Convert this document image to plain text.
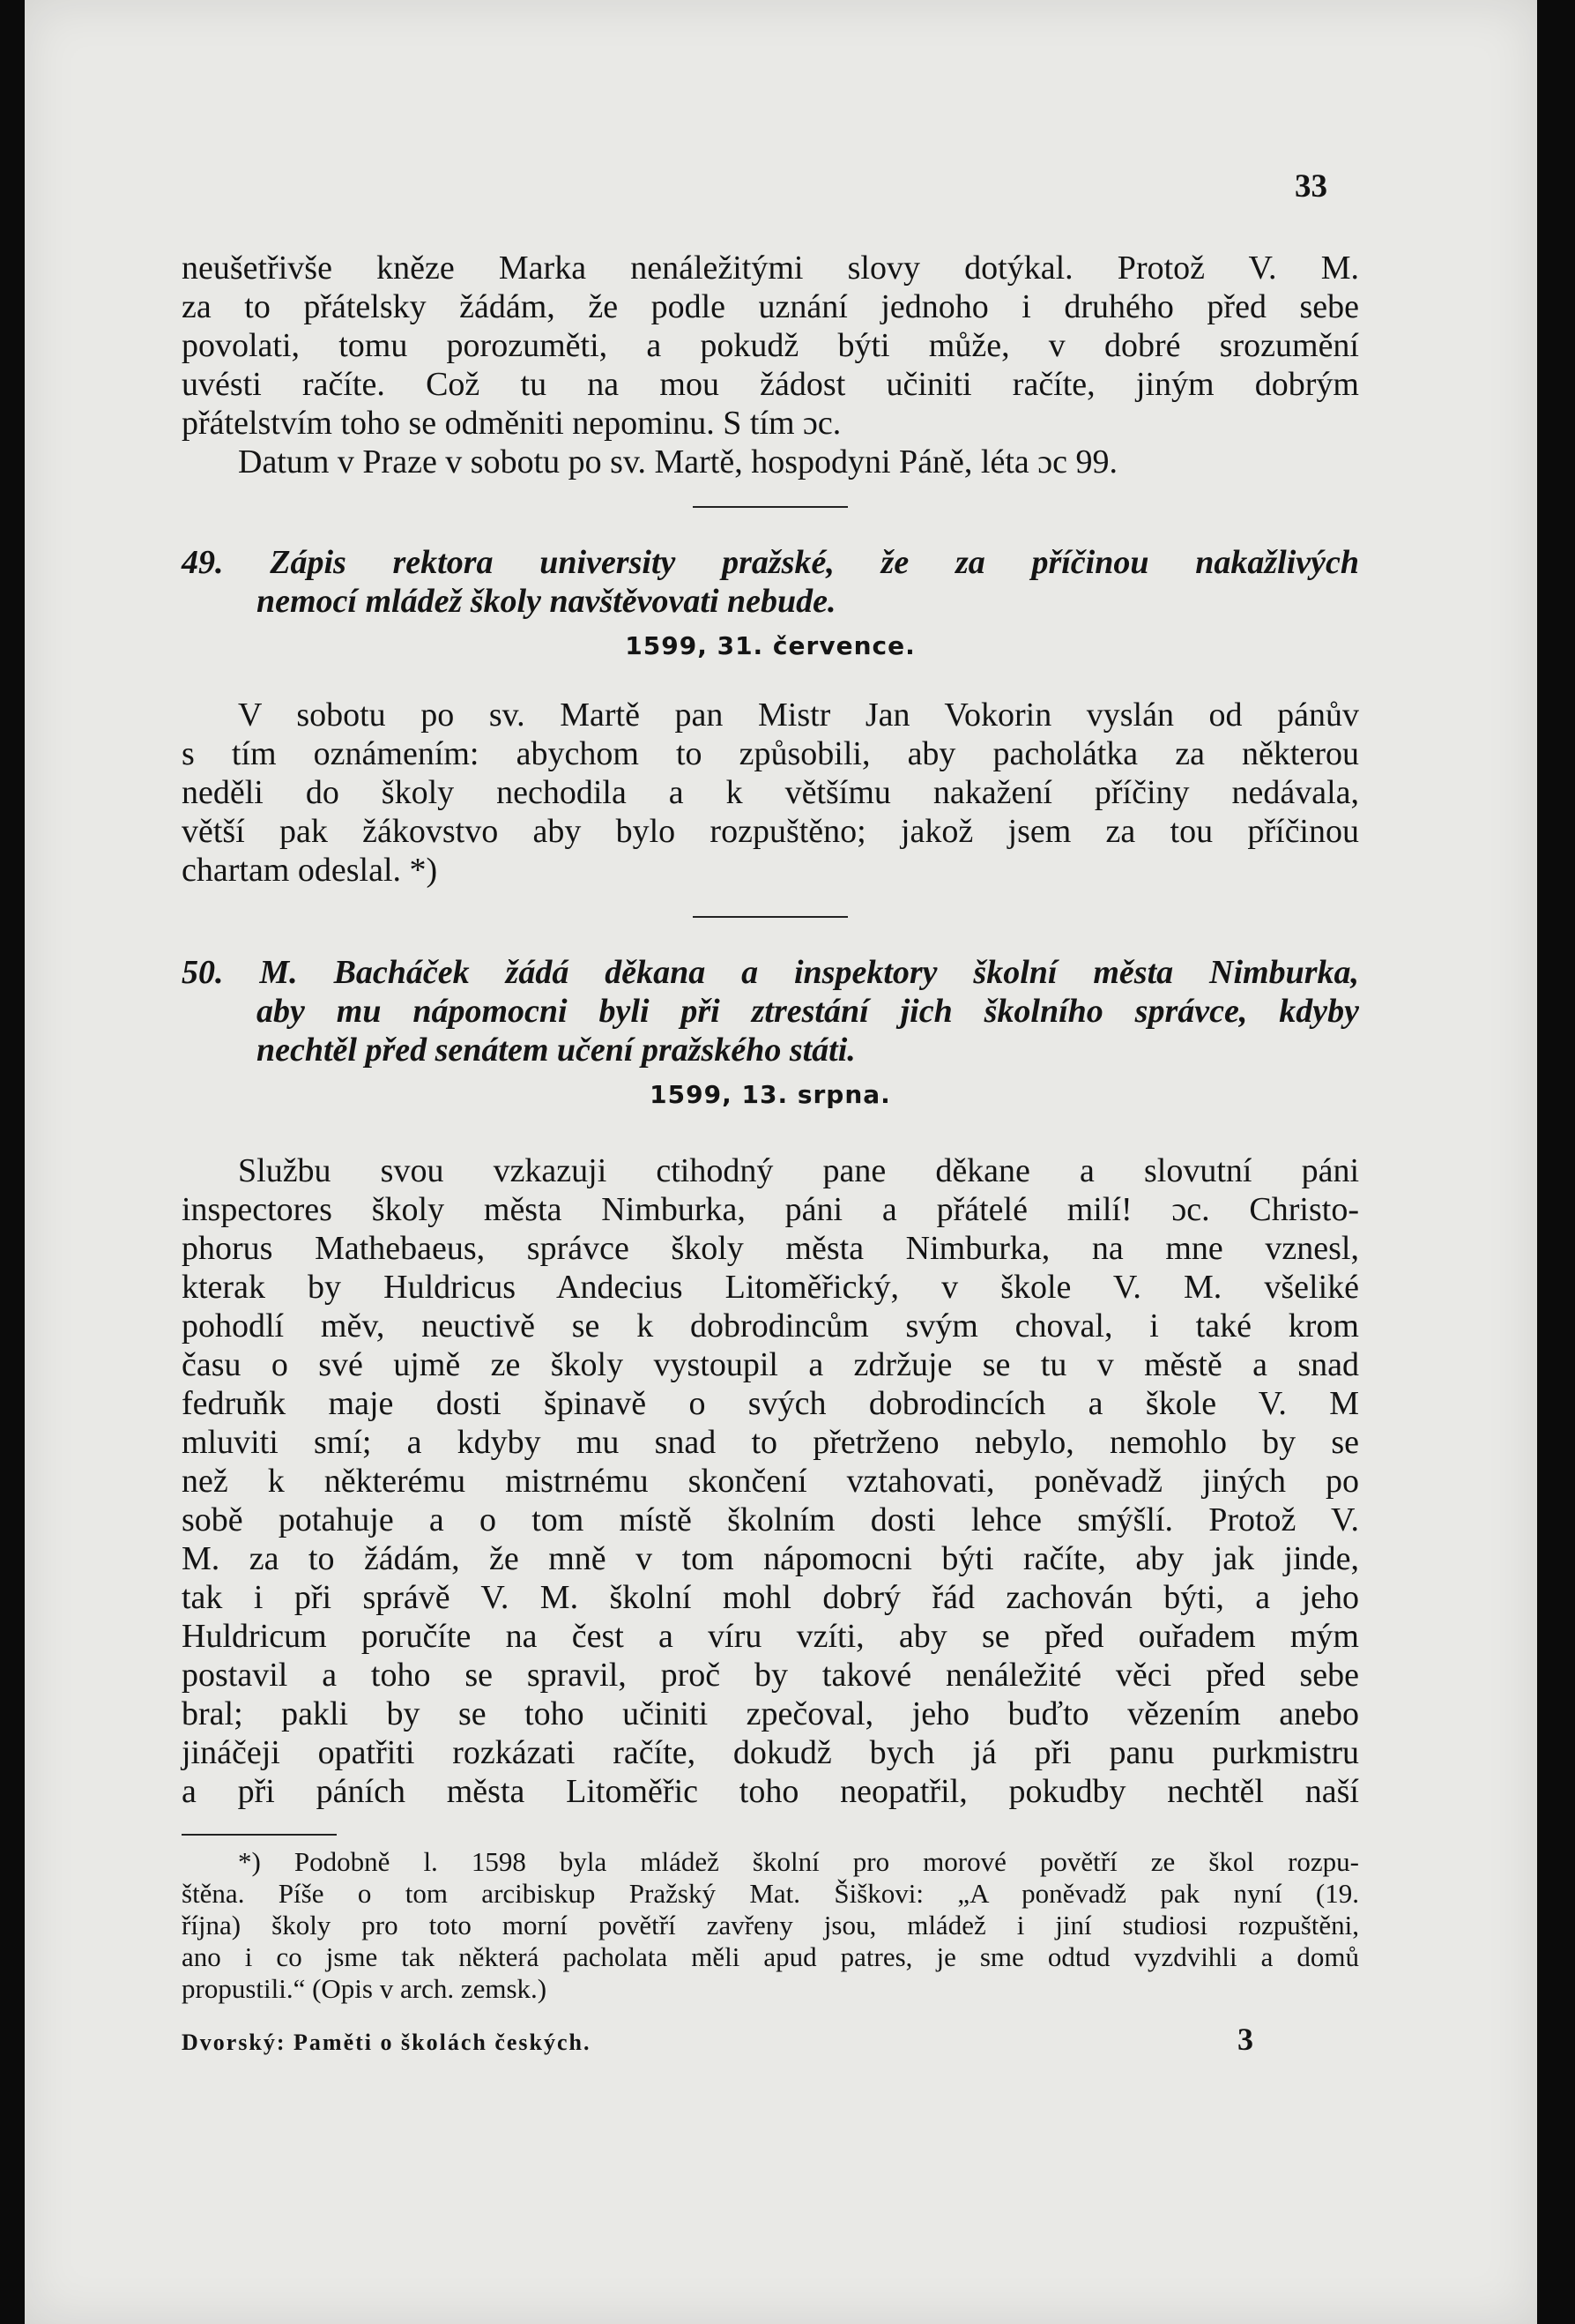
33

neušetřivše kněze Marka nenáležitými slovy dotýkal. Protož V. M.

za to přátelsky žádám, že podle uznání jednoho i druhého před sebe

povolati, tomu porozuměti, a pokudž býti může, v dobré srozumění

uvésti račíte. Což tu na mou žádost učiniti račíte, jiným dobrým

přátelstvím toho se odměniti nepominu. S tím ɔc.

Datum v Praze v sobotu po sv. Martě, hospodyni Páně, léta ɔc 99.

49. Zápis rektora university pražské, že za příčinou nakažlivých

nemocí mládež školy navštěvovati nebude.

1599, 31. července.

V sobotu po sv. Martě pan Mistr Jan Vokorin vyslán od pánův

s tím oznámením: abychom to způsobili, aby pacholátka za některou

neděli do školy nechodila a k většímu nakažení příčiny nedávala,

větší pak žákovstvo aby bylo rozpuštěno; jakož jsem za tou příčinou

chartam odeslal. *)

50. M. Bacháček žádá děkana a inspektory školní města Nimburka,

aby mu nápomocni byli při ztrestání jich školního správce, kdyby

nechtěl před senátem učení pražského státi.

1599, 13. srpna.

Službu svou vzkazuji ctihodný pane děkane a slovutní páni

inspectores školy města Nimburka, páni a přátelé milí! ɔc. Christo-

phorus Mathebaeus, správce školy města Nimburka, na mne vznesl,

kterak by Huldricus Andecius Litoměřický, v škole V. M. všeliké

pohodlí měv, neuctivě se k dobrodincům svým choval, i také krom

času o své ujmě ze školy vystoupil a zdržuje se tu v městě a snad

fedruňk maje dosti špinavě o svých dobrodincích a škole V. M

mluviti smí; a kdyby mu snad to přetrženo nebylo, nemohlo by se

než k některému mistrnému skončení vztahovati, poněvadž jiných po

sobě potahuje a o tom místě školním dosti lehce smýšlí. Protož V.

M. za to žádám, že mně v tom nápomocni býti račíte, aby jak jinde,

tak i při správě V. M. školní mohl dobrý řád zachován býti, a jeho

Huldricum poručíte na čest a víru vzíti, aby se před ouřadem mým

postavil a toho se spravil, proč by takové nenáležité věci před sebe

bral; pakli by se toho učiniti zpečoval, jeho buďto vězením anebo

jináčeji opatřiti rozkázati račíte, dokudž bych já při panu purkmistru

a při páních města Litoměřic toho neopatřil, pokudby nechtěl naší

*) Podobně l. 1598 byla mládež školní pro morové povětří ze škol rozpu-

štěna. Píše o tom arcibiskup Pražský Mat. Šiškovi: „A poněvadž pak nyní (19.

října) školy pro toto morní povětří zavřeny jsou, mládež i jiní studiosi rozpuštěni,

ano i co jsme tak některá pacholata měli apud patres, je sme odtud vyzdvihli a domů

propustili.“ (Opis v arch. zemsk.)

Dvorský: Paměti o školách českých.	3
